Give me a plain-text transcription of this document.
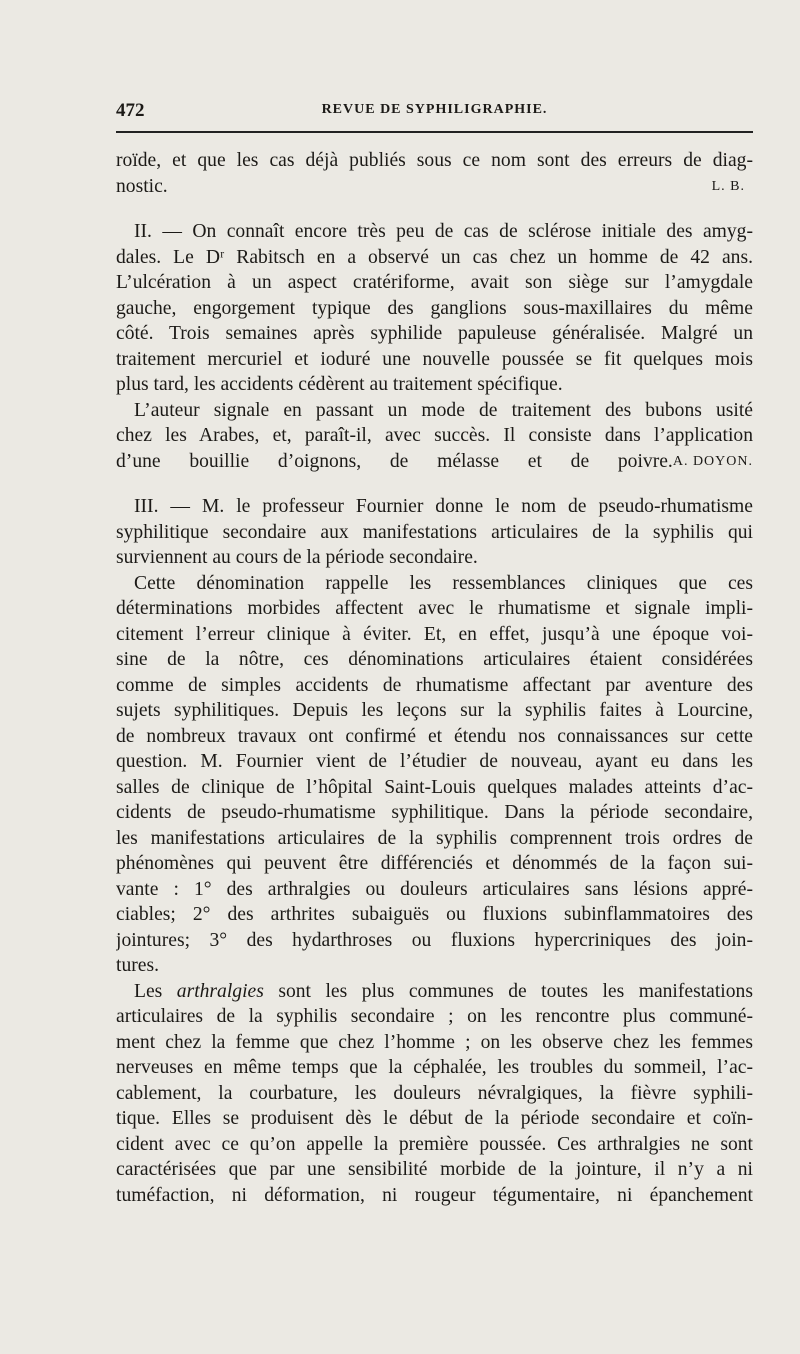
472	REVUE DE SYPHILIGRAPHIE.
roïde, et que les cas déjà publiés sous ce nom sont des erreurs de diag-
nostic.	L. B.
II. — On connaît encore très peu de cas de sclérose initiale des amyg-
dales. Le Dʳ Rabitsch en a observé un cas chez un homme de 42 ans.
L’ulcération à un aspect cratériforme, avait son siège sur l’amygdale
gauche, engorgement typique des ganglions sous-maxillaires du même
côté. Trois semaines après syphilide papuleuse généralisée. Malgré un
traitement mercuriel et ioduré une nouvelle poussée se fit quelques mois
plus tard, les accidents cédèrent au traitement spécifique.
L’auteur signale en passant un mode de traitement des bubons usité
chez les Arabes, et, paraît-il, avec succès. Il consiste dans l’application
d’une bouillie d’oignons, de mélasse et de poivre. A. DOYON.
III. — M. le professeur Fournier donne le nom de pseudo-rhumatisme
syphilitique secondaire aux manifestations articulaires de la syphilis qui
surviennent au cours de la période secondaire.
Cette dénomination rappelle les ressemblances cliniques que ces
déterminations morbides affectent avec le rhumatisme et signale impli-
citement l’erreur clinique à éviter. Et, en effet, jusqu’à une époque voi-
sine de la nôtre, ces dénominations articulaires étaient considérées
comme de simples accidents de rhumatisme affectant par aventure des
sujets syphilitiques. Depuis les leçons sur la syphilis faites à Lourcine,
de nombreux travaux ont confirmé et étendu nos connaissances sur cette
question. M. Fournier vient de l’étudier de nouveau, ayant eu dans les
salles de clinique de l’hôpital Saint-Louis quelques malades atteints d’ac-
cidents de pseudo-rhumatisme syphilitique. Dans la période secondaire,
les manifestations articulaires de la syphilis comprennent trois ordres de
phénomènes qui peuvent être différenciés et dénommés de la façon sui-
vante : 1° des arthralgies ou douleurs articulaires sans lésions appré-
ciables; 2° des arthrites subaiguës ou fluxions subinflammatoires des
jointures; 3° des hydarthroses ou fluxions hypercriniques des join-
tures.
Les arthralgies sont les plus communes de toutes les manifestations
articulaires de la syphilis secondaire ; on les rencontre plus communé-
ment chez la femme que chez l’homme ; on les observe chez les femmes
nerveuses en même temps que la céphalée, les troubles du sommeil, l’ac-
cablement, la courbature, les douleurs névralgiques, la fièvre syphili-
tique. Elles se produisent dès le début de la période secondaire et coïn-
cident avec ce qu’on appelle la première poussée. Ces arthralgies ne sont
caractérisées que par une sensibilité morbide de la jointure, il n’y a ni
tuméfaction, ni déformation, ni rougeur tégumentaire, ni épanchement
